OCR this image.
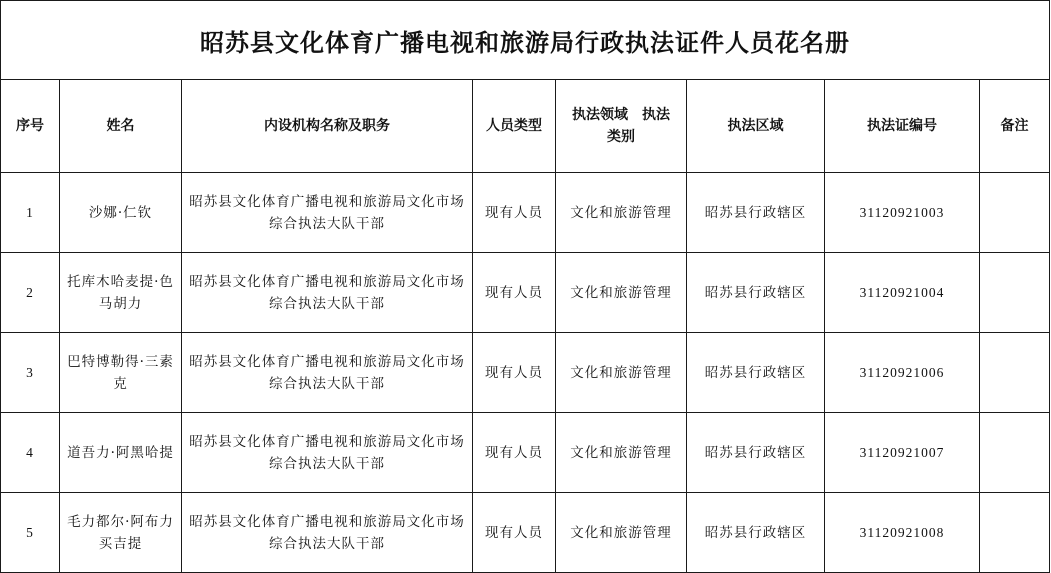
昭苏县文化体育广播电视和旅游局行政执法证件人员花名册							
序号	姓名	内设机构名称及职务	人员类型	执法领域　执法类别	执法区域	执法证编号	备注
1	沙娜·仁钦	昭苏县文化体育广播电视和旅游局文化市场综合执法大队干部	现有人员	文化和旅游管理	昭苏县行政辖区	31120921003	
2	托库木哈麦提·色马胡力	昭苏县文化体育广播电视和旅游局文化市场综合执法大队干部	现有人员	文化和旅游管理	昭苏县行政辖区	31120921004	
3	巴特博勒得·三素克	昭苏县文化体育广播电视和旅游局文化市场综合执法大队干部	现有人员	文化和旅游管理	昭苏县行政辖区	31120921006	
4	道吾力·阿黑哈提	昭苏县文化体育广播电视和旅游局文化市场综合执法大队干部	现有人员	文化和旅游管理	昭苏县行政辖区	31120921007	
5	毛力都尔·阿布力买吉提	昭苏县文化体育广播电视和旅游局文化市场综合执法大队干部	现有人员	文化和旅游管理	昭苏县行政辖区	31120921008	
